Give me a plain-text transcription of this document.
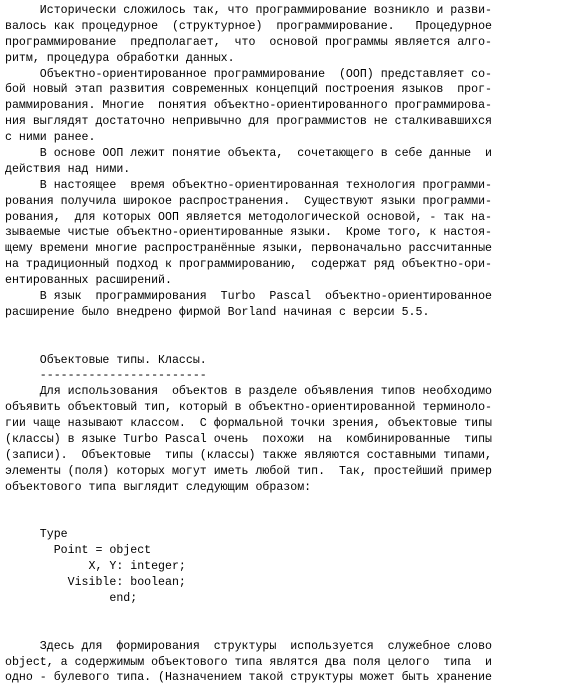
Исторически сложилось так, что программирование возникло и разви-
валось как процедурное  (структурное)  программирование.   Процедурное
программирование  предполагает,  что  основой программы является алго-
ритм, процедура обработки данных.
Объектно-ориентированное программирование  (ООП) представляет со-
бой новый этап развития современных концепций построения языков  прог-
раммирования. Многие  понятия объектно-ориентированного программирова-
ния выглядят достаточно непривычно для программистов не сталкивавшихся
с ними ранее.
В основе ООП лежит понятие объекта,  сочетающего в себе данные  и
действия над ними.
В настоящее  время объектно-ориентированная технология программи-
рования получила широкое распространения.  Существуют языки программи-
рования,  для которых ООП является методологической основой, - так на-
зываемые чистые объектно-ориентированные языки.  Кроме того, к настоя-
щему времени многие распространённые языки, первоначально рассчитанные
на традиционный подход к программированию,  содержат ряд объектно-ори-
ентированных расширений.
В язык  программирования  Turbo  Pascal  объектно-ориентированное
расширение было внедрено фирмой Borland начиная с версии 5.5.
Объектовые типы. Классы.
------------------------
Для использования  объектов в разделе объявления типов необходимо
объявить объектовый тип, который в объектно-ориентированной терминоло-
гии чаще называют классом.  С формальной точки зрения, объектовые типы
(классы) в языке Turbo Pascal очень  похожи  на  комбинированные  типы
(записи).  Объектовые  типы (классы) также являются составными типами,
элементы (поля) которых могут иметь любой тип.  Так, простейший пример
объектового типа выглядит следующим образом:
Type
Point = object
X, Y: integer;
Visible: boolean;
end;
Здесь для  формирования  структуры  используется  служебное слово
object, а содержимым объектового типа являтся два поля целого  типа  и
одно - булевого типа. (Назначением такой структуры может быть хранение
